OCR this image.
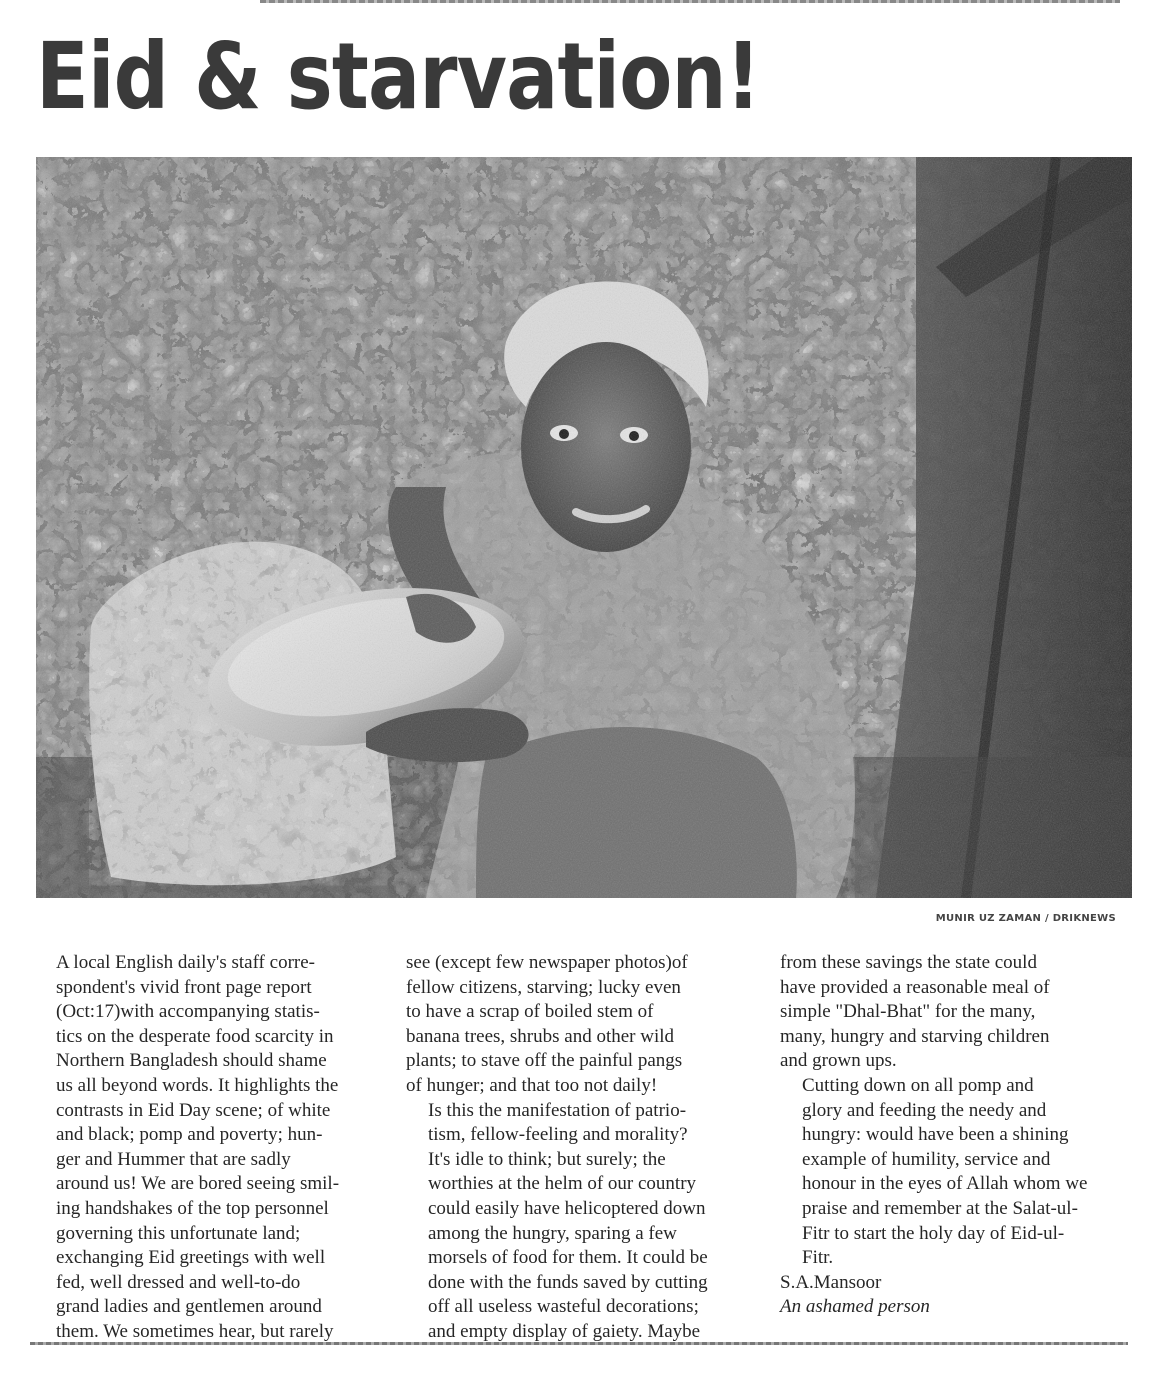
Eid & starvation!
MUNIR UZ ZAMAN / DRIKNEWS

A local English daily's staff corre-
spondent's vivid front page report
(Oct:17)with accompanying statis-
tics on the desperate food scarcity in
Northern Bangladesh should shame
us all beyond words. It highlights the
contrasts in Eid Day scene; of white
and black; pomp and poverty; hun-
ger and Hummer that are sadly
around us! We are bored seeing smil-
ing handshakes of the top personnel
governing this unfortunate land;
exchanging Eid greetings with well
fed, well dressed and well-to-do
grand ladies and gentlemen around
them. We sometimes hear, but rarely

see (except few newspaper photos)of
fellow citizens, starving; lucky even
to have a scrap of boiled stem of
banana trees, shrubs and other wild
plants; to stave off the painful pangs
of hunger; and that too not daily!

Is this the manifestation of patrio-
tism, fellow-feeling and morality?

It's idle to think; but surely; the
worthies at the helm of our country
could easily have helicoptered down
among the hungry, sparing a few
morsels of food for them. It could be
done with the funds saved by cutting
off all useless wasteful decorations;
and empty display of gaiety. Maybe

from these savings the state could
have provided a reasonable meal of
simple "Dhal-Bhat" for the many,
many, hungry and starving children
and grown ups.

Cutting down on all pomp and
glory and feeding the needy and
hungry: would have been a shining
example of humility, service and
honour in the eyes of Allah whom we
praise and remember at the Salat-ul-
Fitr to start the holy day of Eid-ul-
Fitr.

S.A.Mansoor
An ashamed person
